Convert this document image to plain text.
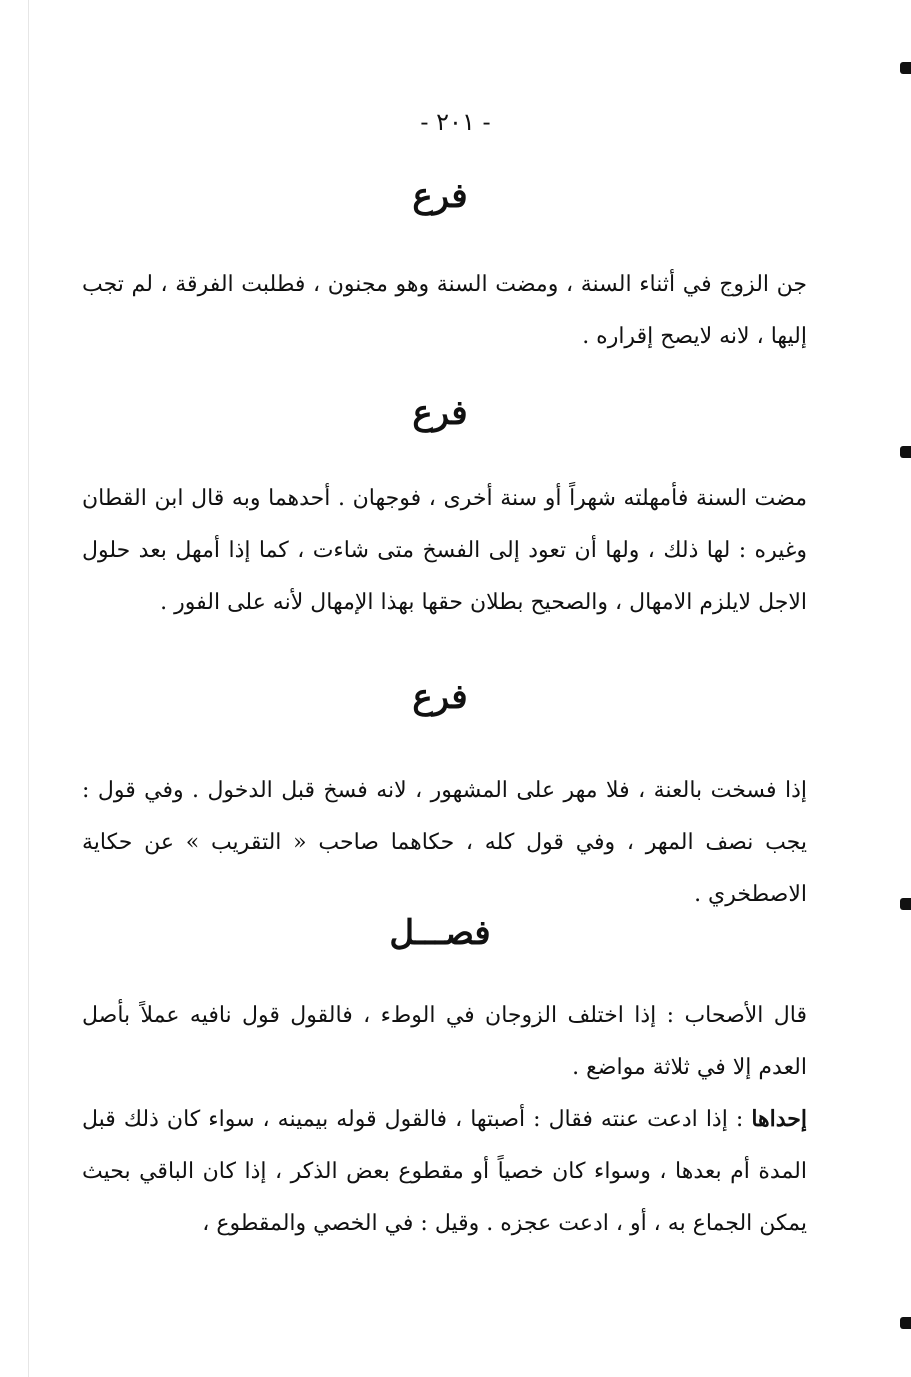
- ٢٠١ -
فرع
جن الزوج في أثناء السنة ، ومضت السنة وهو مجنون ، فطلبت الفرقة ، لم تجب إليها ، لانه لايصح إقراره .
فرع
مضت السنة فأمهلته شهراً أو سنة أخرى ، فوجهان . أحدهما وبه قال ابن القطان وغيره : لها ذلك ، ولها أن تعود إلى الفسخ متى شاءت ، كما إذا أمهل بعد حلول الاجل لايلزم الامهال ، والصحيح بطلان حقها بهذا الإمهال لأنه على الفور .
فرع
إذا فسخت بالعنة ، فلا مهر على المشهور ، لانه فسخ قبل الدخول . وفي قول : يجب نصف المهر ، وفي قول كله ، حكاهما صاحب « التقريب » عن حكاية الاصطخري .
فصـــل
قال الأصحاب : إذا اختلف الزوجان في الوطء ، فالقول قول نافيه عملاً بأصل العدم إلا في ثلاثة مواضع .
إحداها : إذا ادعت عنته فقال : أصبتها ، فالقول قوله بيمينه ، سواء كان ذلك قبل المدة أم بعدها ، وسواء كان خصياً أو مقطوع بعض الذكر ، إذا كان الباقي بحيث يمكن الجماع به ، أو ، ادعت عجزه . وقيل : في الخصي والمقطوع ،
